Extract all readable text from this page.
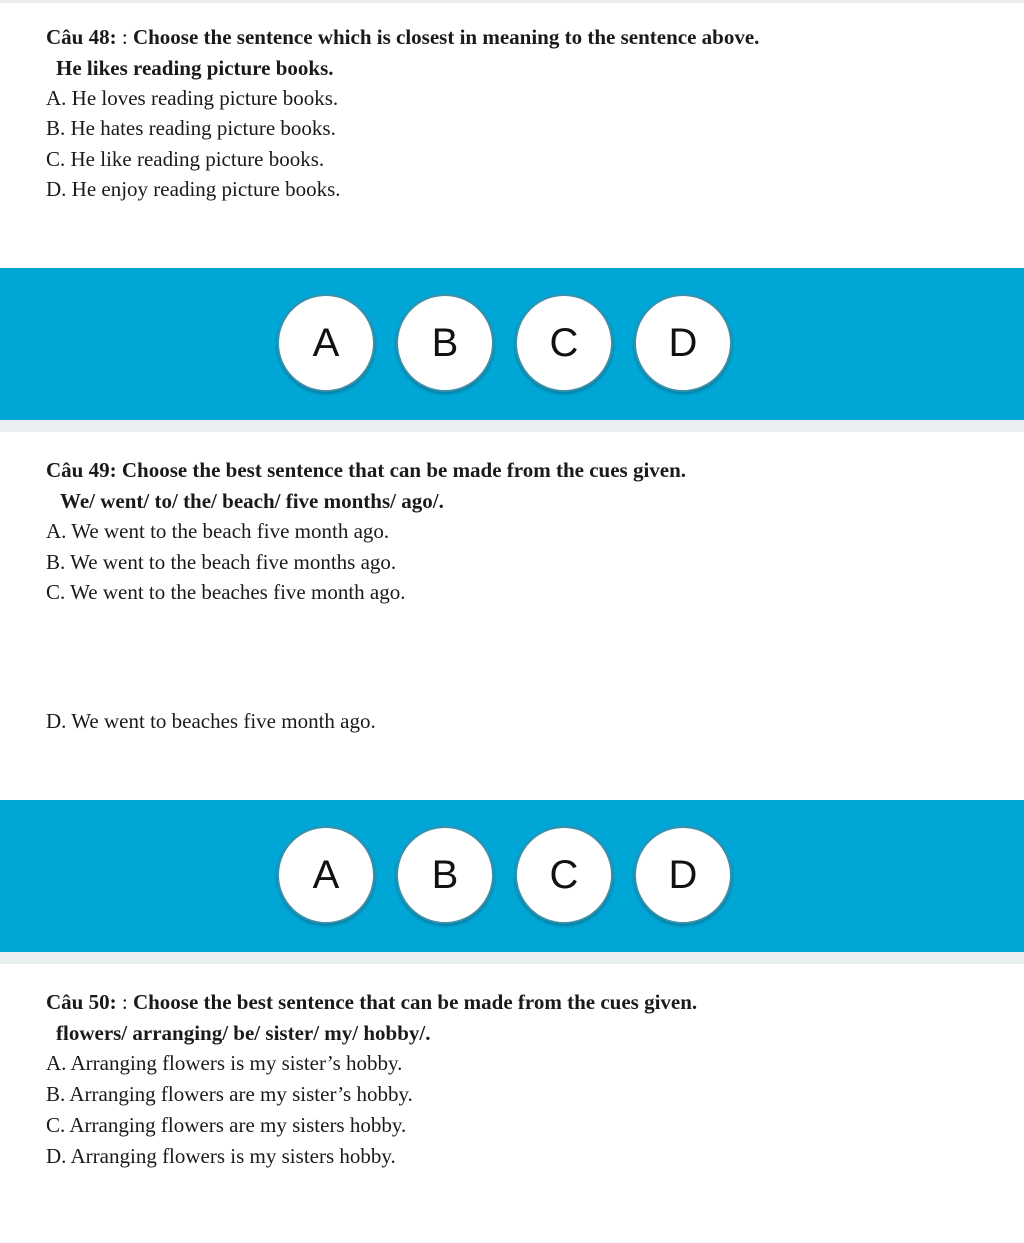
Câu 48: : Choose the sentence which is closest in meaning to the sentence above.
He likes reading picture books.
A. He loves reading picture books.
B. He hates reading picture books.
C. He like reading picture books.
D. He enjoy reading picture books.
A	B	C	D
Câu 49: Choose the best sentence that can be made from the cues given.
We/ went/ to/ the/ beach/ five months/ ago/.
A. We went to the beach five month ago.
B. We went to the beach five months ago.
C. We went to the beaches five month ago.
D. We went to beaches five month ago.
A	B	C	D
Câu 50: : Choose the best sentence that can be made from the cues given.
flowers/ arranging/ be/ sister/ my/ hobby/.
A. Arranging flowers is my sister’s hobby.
B. Arranging flowers are my sister’s hobby.
C. Arranging flowers are my sisters hobby.
D. Arranging flowers is my sisters hobby.
